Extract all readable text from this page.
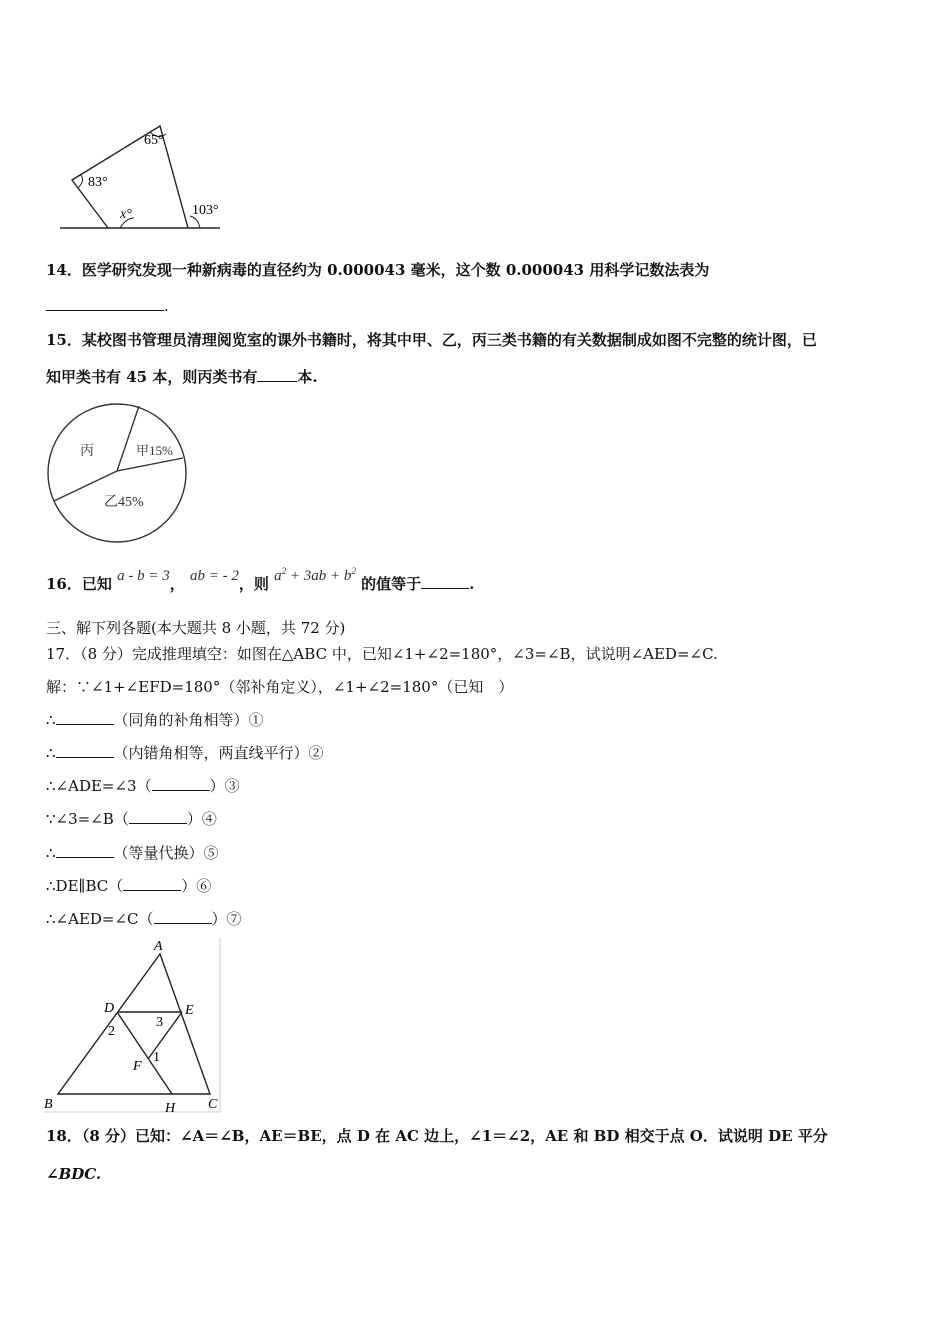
65°
83°
x°	103°
14．医学研究发现一种新病毒的直径约为 0.000043 毫米，这个数 0.000043 用科学记数法表为
.
15．某校图书管理员清理阅览室的课外书籍时，将其中甲、乙，丙三类书籍的有关数据制成如图不完整的统计图，已
知甲类书有 45 本，则丙类书有	本.
丙	甲15%
乙45%
16．已知 a - b = 3， ab = - 2，则 $a^2 + 3ab + b^2$ 的值等于	.
三、解下列各题(本大题共 8 小题，共 72 分)
17．（8 分）完成推理填空：如图在△ABC 中，已知∠1+∠2=180°，∠3=∠B，试说明∠AED=∠C.
解：∵∠1+∠EFD=180°（邻补角定义），∠1+∠2=180°（已知　）
∴	（同角的补角相等）①
∴	（内错角相等，两直线平行）②
∴∠ADE=∠3（	）③
∵∠3=∠B（	）④
∴	（等量代换）⑤
∴DE∥BC（	）⑥
∴∠AED=∠C（	）⑦
A
D	E
2
3
1
F
B	H C
18．（8 分）已知：∠A＝∠B，AE＝BE，点 D 在 AC 边上，∠1＝∠2，AE 和 BD 相交于点 O．试说明 DE 平分
∠BDC.
